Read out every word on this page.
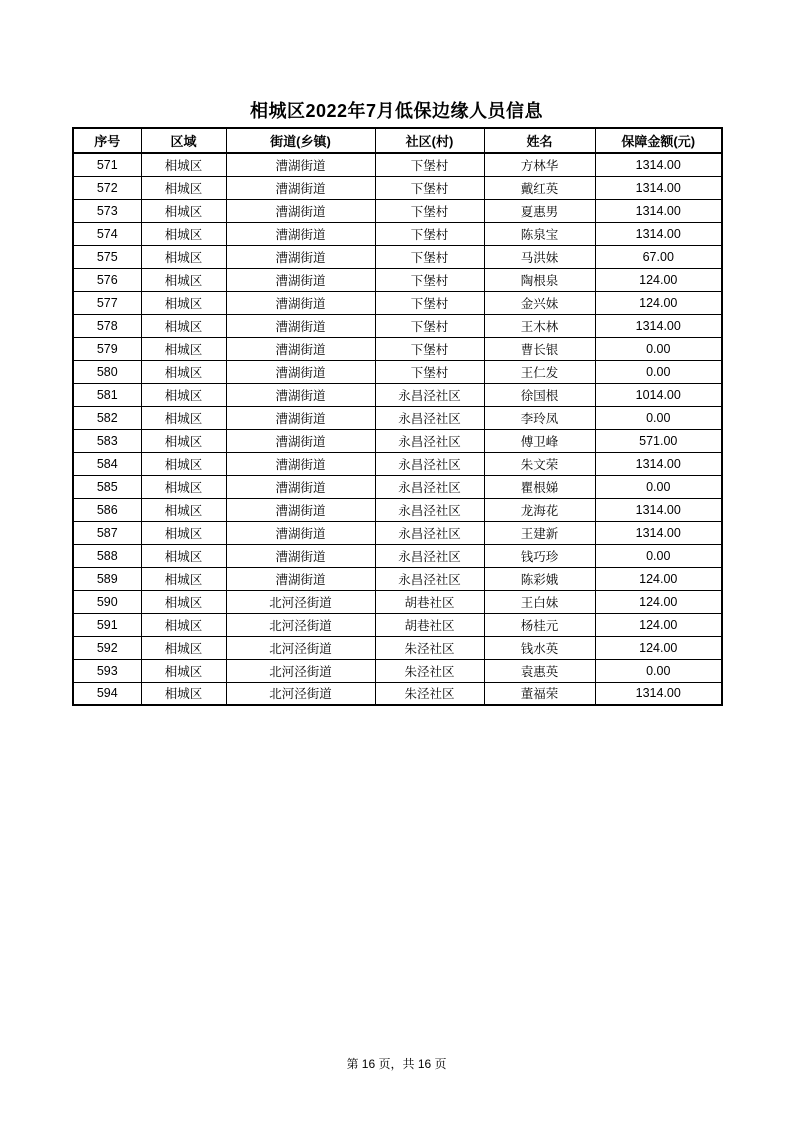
相城区2022年7月低保边缘人员信息
序号	区域	街道(乡镇)	社区(村)	姓名	保障金额(元)
571	相城区	漕湖街道	下堡村	方林华	1314.00
572	相城区	漕湖街道	下堡村	戴红英	1314.00
573	相城区	漕湖街道	下堡村	夏惠男	1314.00
574	相城区	漕湖街道	下堡村	陈泉宝	1314.00
575	相城区	漕湖街道	下堡村	马洪妹	67.00
576	相城区	漕湖街道	下堡村	陶根泉	124.00
577	相城区	漕湖街道	下堡村	金兴妹	124.00
578	相城区	漕湖街道	下堡村	王木林	1314.00
579	相城区	漕湖街道	下堡村	曹长银	0.00
580	相城区	漕湖街道	下堡村	王仁发	0.00
581	相城区	漕湖街道	永昌泾社区	徐国根	1014.00
582	相城区	漕湖街道	永昌泾社区	李玲凤	0.00
583	相城区	漕湖街道	永昌泾社区	傅卫峰	571.00
584	相城区	漕湖街道	永昌泾社区	朱文荣	1314.00
585	相城区	漕湖街道	永昌泾社区	瞿根娣	0.00
586	相城区	漕湖街道	永昌泾社区	龙海花	1314.00
587	相城区	漕湖街道	永昌泾社区	王建新	1314.00
588	相城区	漕湖街道	永昌泾社区	钱巧珍	0.00
589	相城区	漕湖街道	永昌泾社区	陈彩娥	124.00
590	相城区	北河泾街道	胡巷社区	王白妹	124.00
591	相城区	北河泾街道	胡巷社区	杨桂元	124.00
592	相城区	北河泾街道	朱泾社区	钱水英	124.00
593	相城区	北河泾街道	朱泾社区	袁惠英	0.00
594	相城区	北河泾街道	朱泾社区	董福荣	1314.00
第 16 页，共 16 页
